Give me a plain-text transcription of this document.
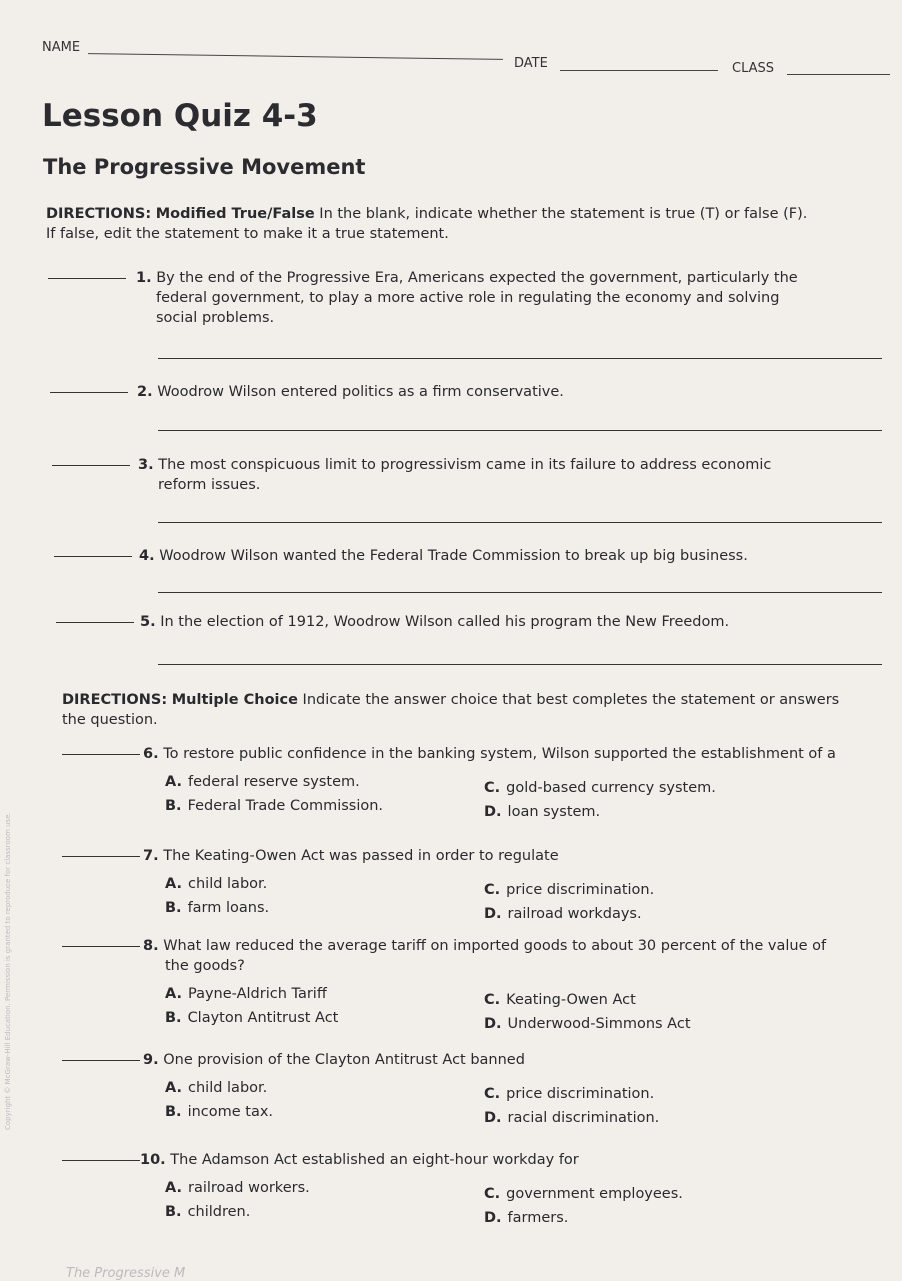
NAME
DATE	CLASS
Lesson Quiz 4-3
The Progressive Movement
DIRECTIONS: Modified True/False In the blank, indicate whether the statement is true (T) or false (F).
If false, edit the statement to make it a true statement.
1. By the end of the Progressive Era, Americans expected the government, particularly the
federal government, to play a more active role in regulating the economy and solving
social problems.
2. Woodrow Wilson entered politics as a firm conservative.
3. The most conspicuous limit to progressivism came in its failure to address economic
reform issues.
4. Woodrow Wilson wanted the Federal Trade Commission to break up big business.
5. In the election of 1912, Woodrow Wilson called his program the New Freedom.
6. To restore public confidence in the banking system, Wilson supported the establishment of a
A. federal reserve system.
B. Federal Trade Commission.
C. gold-based currency system.
D. loan system.
7. The Keating-Owen Act was passed in order to regulate
A. child labor.
B. farm loans.
C. price discrimination.
D. railroad workdays.
8. What law reduced the average tariff on imported goods to about 30 percent of the value of
the goods?
A. Payne-Aldrich Tariff
B. Clayton Antitrust Act
C. Keating-Owen Act
D. Underwood-Simmons Act
9. One provision of the Clayton Antitrust Act banned
A. child labor.
B. income tax.
C. price discrimination.
D. racial discrimination.
10. The Adamson Act established an eight-hour workday for
A. railroad workers.
B. children.
C. government employees.
D. farmers.
DIRECTIONS: Multiple Choice Indicate the answer choice that best completes the statement or answers
the question.
Copyright © McGraw-Hill Education. Permission is granted to reproduce for classroom use.
The Progressive M
